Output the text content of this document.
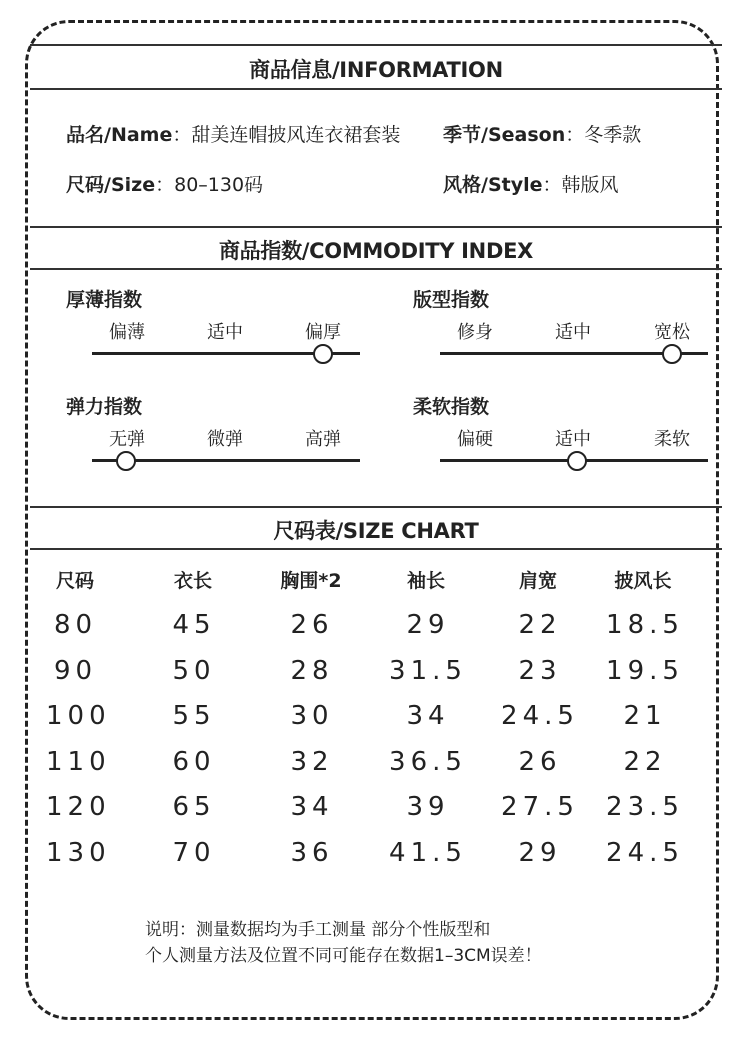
商品信息/INFORMATION
品名/Name：甜美连帽披风连衣裙套装 季节/Season：冬季款
尺码/Size：80–130码	风格/Style：韩版风
商品指数/COMMODITY INDEX
厚薄指数
偏薄	适中	偏厚
版型指数
修身	适中	宽松
弹力指数
无弹	微弹	高弹
柔软指数
偏硬	适中	柔软
尺码表/SIZE CHART
尺码	衣长	胸围*2	袖长	肩宽	披风长
80	45	26	29	22	18.5
90	50	28	31.5	23	19.5
100	55	30	34	24.5	21
110	60	32	36.5	26	22
120	65	34	39	27.5	23.5
130	70	36	41.5	29	24.5
说明：测量数据均为手工测量 部分个性版型和
个人测量方法及位置不同可能存在数据1–3CM误差！
